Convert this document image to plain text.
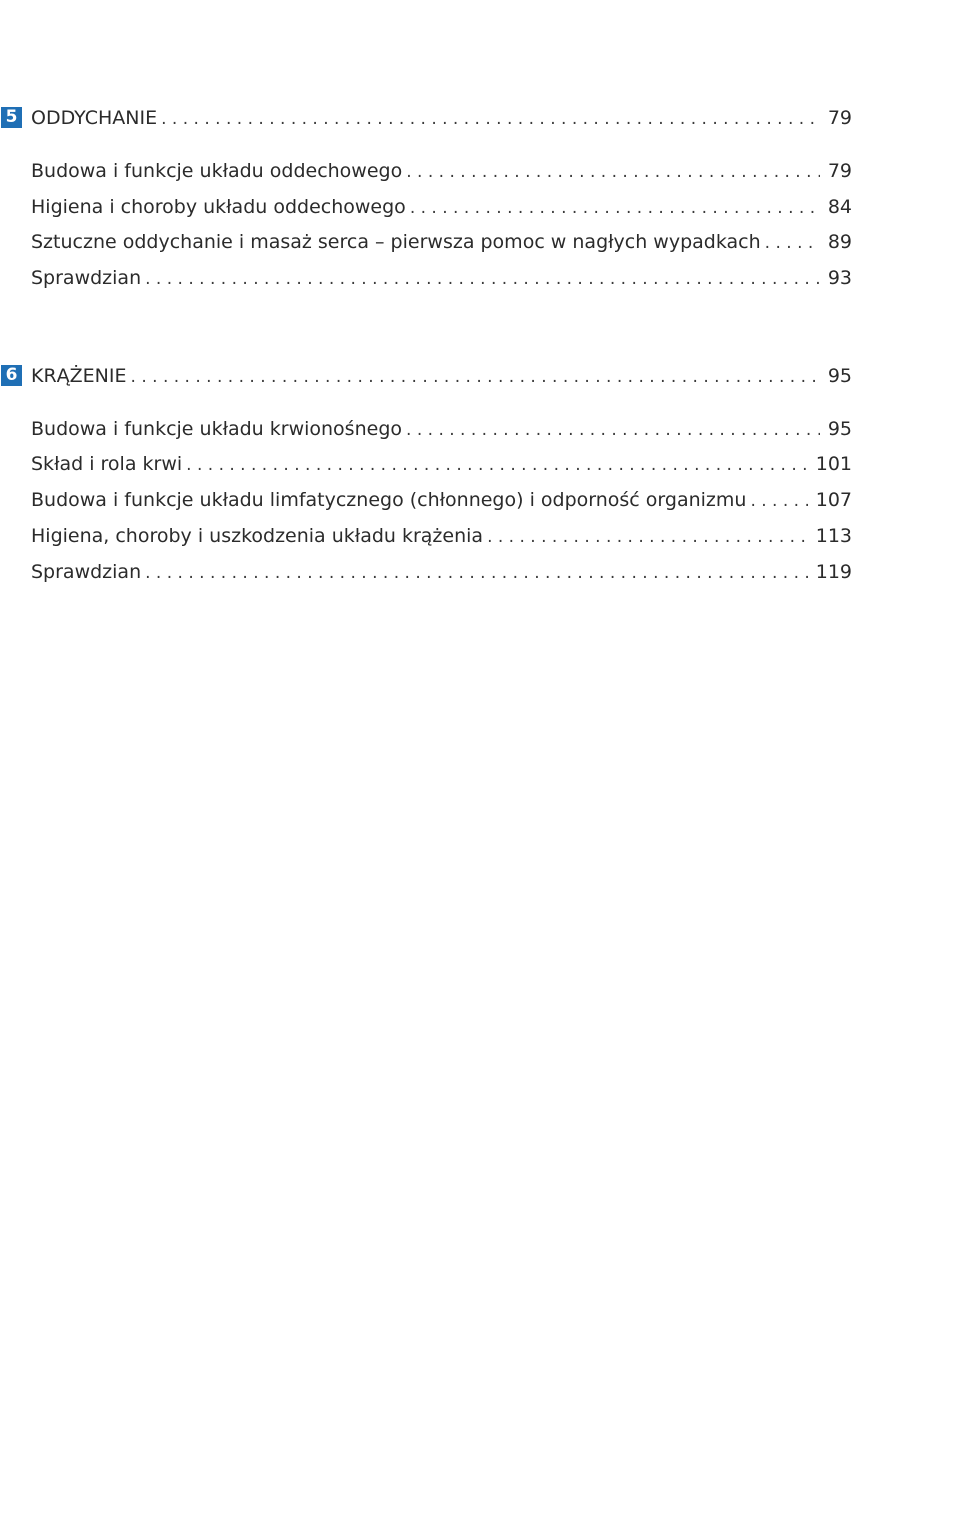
5 ODDYCHANIE . . .	79
Budowa i funkcje układu oddechowego . . .	79
Higiena i choroby układu oddechowego . . .	84
Sztuczne oddychanie i masaż serca – pierwsza pomoc w nagłych wypadkach . . .	89
Sprawdzian . . .	93
6 KRĄŻENIE . . .	95
Budowa i funkcje układu krwionośnego . . .	95
Skład i rola krwi . . .	101
Budowa i funkcje układu limfatycznego (chłonnego) i odporność organizmu . . .	107
Higiena, choroby i uszkodzenia układu krążenia . . .	113
Sprawdzian . . .	119
